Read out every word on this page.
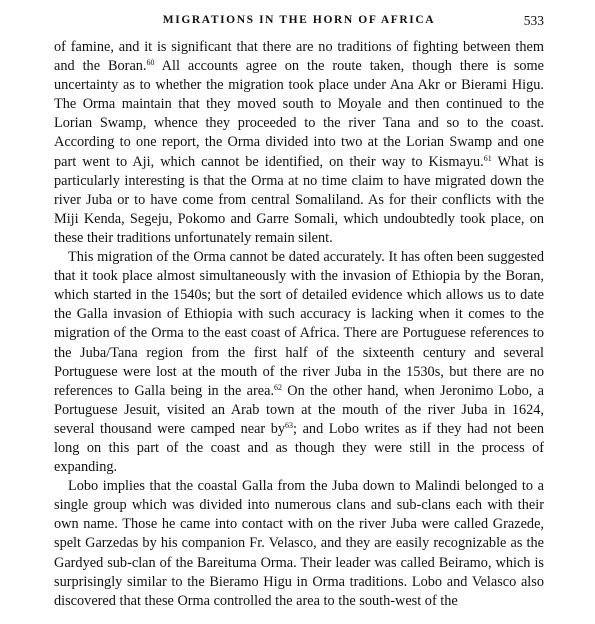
MIGRATIONS IN THE HORN OF AFRICA	533

of famine, and it is significant that there are no traditions of fighting between them and the Boran.$^{60}$ All accounts agree on the route taken, though there is some uncertainty as to whether the migration took place under Ana Akr or Bierami Higu. The Orma maintain that they moved south to Moyale and then continued to the Lorian Swamp, whence they proceeded to the river Tana and so to the coast. According to one report, the Orma divided into two at the Lorian Swamp and one part went to Aji, which cannot be identified, on their way to Kismayu.$^{61}$ What is particularly interesting is that the Orma at no time claim to have migrated down the river Juba or to have come from central Somaliland. As for their conflicts with the Miji Kenda, Segeju, Pokomo and Garre Somali, which undoubtedly took place, on these their traditions unfortunately remain silent.

This migration of the Orma cannot be dated accurately. It has often been suggested that it took place almost simultaneously with the invasion of Ethiopia by the Boran, which started in the 1540s; but the sort of detailed evidence which allows us to date the Galla invasion of Ethiopia with such accuracy is lacking when it comes to the migration of the Orma to the east coast of Africa. There are Portuguese references to the Juba/Tana region from the first half of the sixteenth century and several Portuguese were lost at the mouth of the river Juba in the 1530s, but there are no references to Galla being in the area.$^{62}$ On the other hand, when Jeronimo Lobo, a Portuguese Jesuit, visited an Arab town at the mouth of the river Juba in 1624, several thousand were camped near $by^{63}$; and Lobo writes as if they had not been long on this part of the coast and as though they were still in the process of expanding.

Lobo implies that the coastal Galla from the Juba down to Malindi belonged to a single group which was divided into numerous clans and sub-clans each with their own name. Those he came into contact with on the river Juba were called Grazede, spelt Garzedas by his companion Fr. Velasco, and they are easily recognizable as the Gardyed sub-clan of the Bareituma Orma. Their leader was called Beiramo, which is surprisingly similar to the Bieramo Higu in Orma traditions. Lobo and Velasco also discovered that these Orma controlled the area to the south-west of the
